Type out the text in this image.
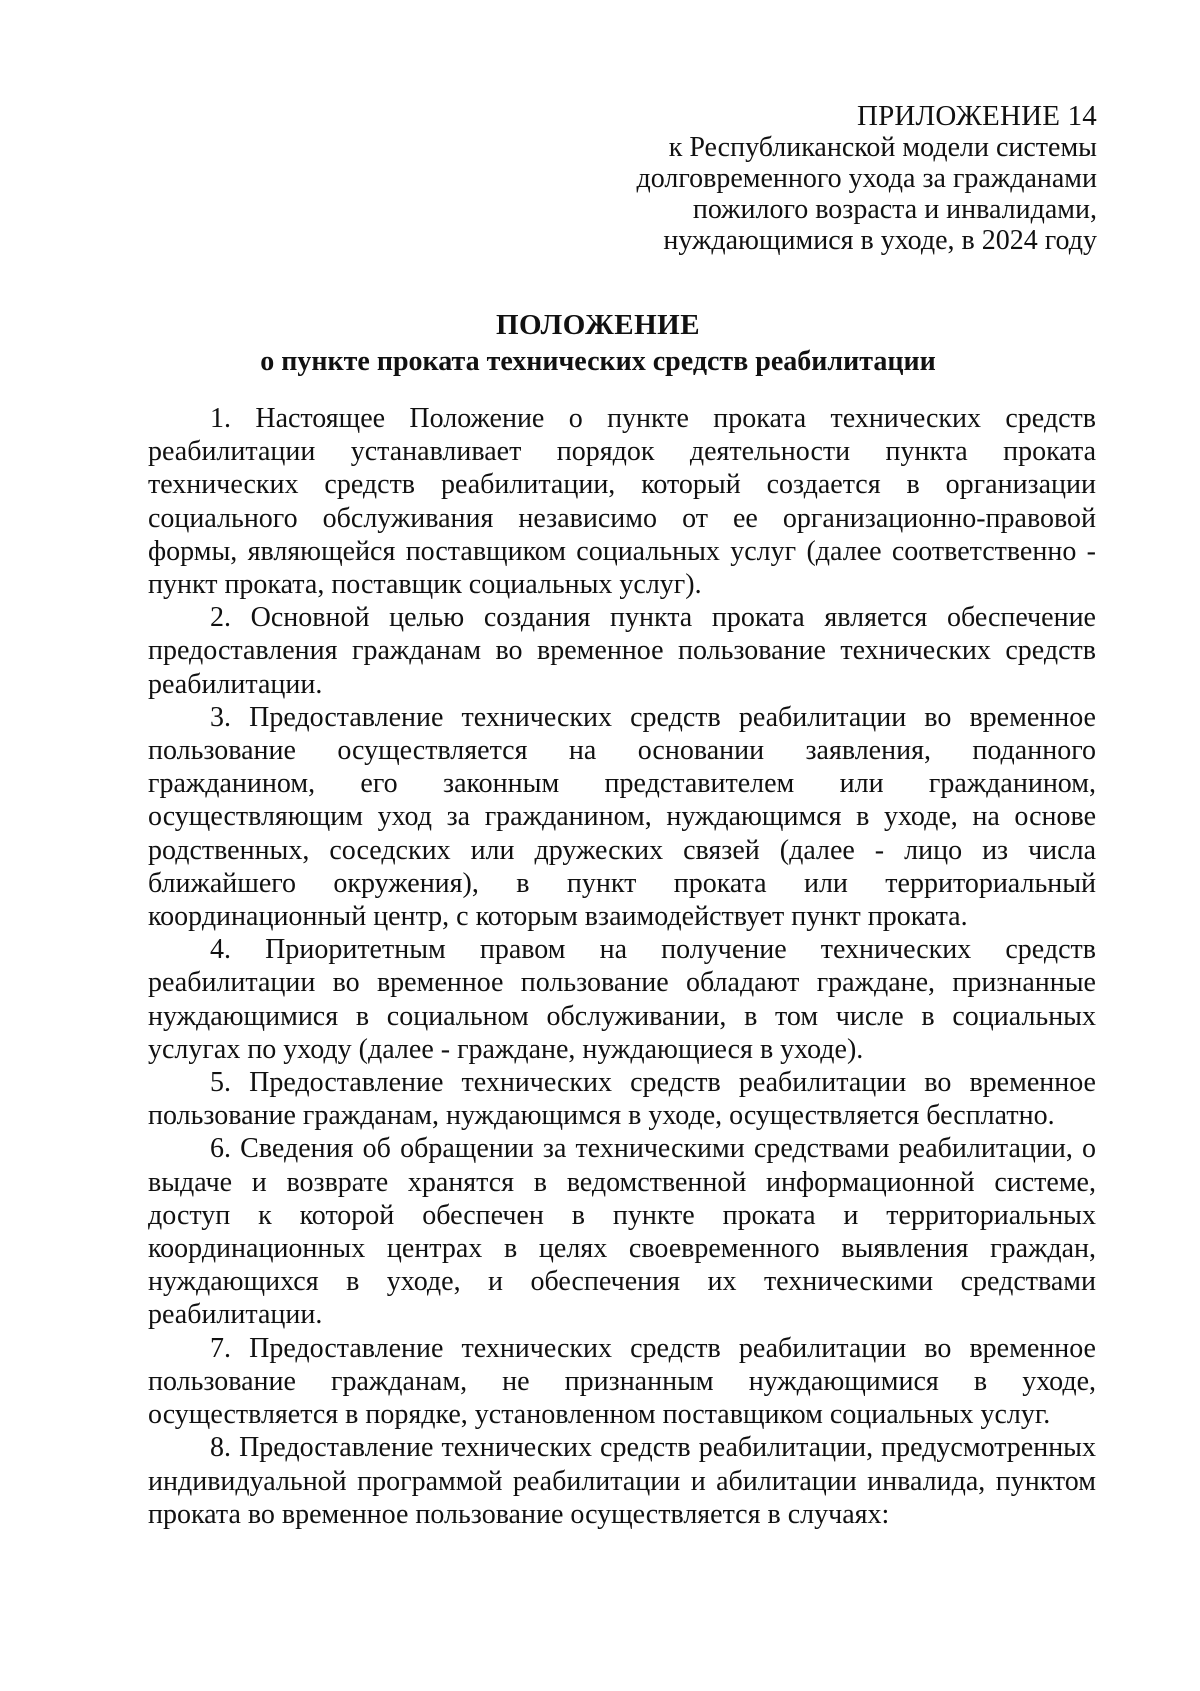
ПРИЛОЖЕНИЕ 14
к Республиканской модели системы
долговременного ухода за гражданами
пожилого возраста и инвалидами,
нуждающимися в уходе, в 2024 году
ПОЛОЖЕНИЕ
о пункте проката технических средств реабилитации

1. Настоящее Положение о пункте проката технических средств реабилитации устанавливает порядок деятельности пункта проката технических средств реабилитации, который создается в организации социального обслуживания независимо от ее организационно-правовой формы, являющейся поставщиком социальных услуг (далее соответственно - пункт проката, поставщик социальных услуг).

2. Основной целью создания пункта проката является обеспечение предоставления гражданам во временное пользование технических средств реабилитации.

3. Предоставление технических средств реабилитации во временное пользование осуществляется на основании заявления, поданного гражданином, его законным представителем или гражданином, осуществляющим уход за гражданином, нуждающимся в уходе, на основе родственных, соседских или дружеских связей (далее - лицо из числа ближайшего окружения), в пункт проката или территориальный координационный центр, с которым взаимодействует пункт проката.

4. Приоритетным правом на получение технических средств реабилитации во временное пользование обладают граждане, признанные нуждающимися в социальном обслуживании, в том числе в социальных услугах по уходу (далее - граждане, нуждающиеся в уходе).

5. Предоставление технических средств реабилитации во временное пользование гражданам, нуждающимся в уходе, осуществляется бесплатно.

6. Сведения об обращении за техническими средствами реабилитации, о выдаче и возврате хранятся в ведомственной информационной системе, доступ к которой обеспечен в пункте проката и территориальных координационных центрах в целях своевременного выявления граждан, нуждающихся в уходе, и обеспечения их техническими средствами реабилитации.

7. Предоставление технических средств реабилитации во временное пользование гражданам, не признанным нуждающимися в уходе, осуществляется в порядке, установленном поставщиком социальных услуг.

8. Предоставление технических средств реабилитации, предусмотренных индивидуальной программой реабилитации и абилитации инвалида, пунктом проката во временное пользование осуществляется в случаях:
